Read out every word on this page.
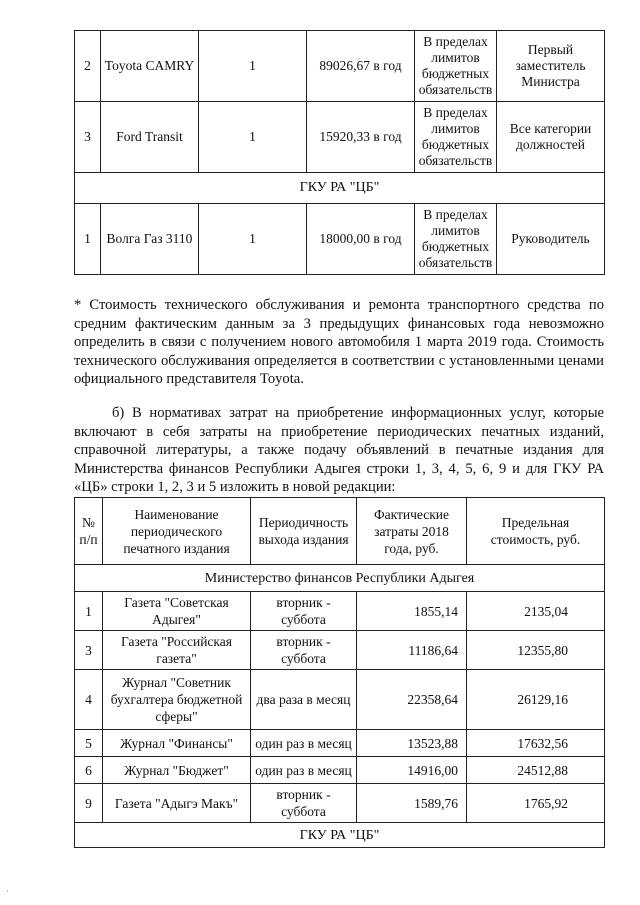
2	Toyota CAMRY	1	89026,67 в год	В пределах лимитов бюджетных обязательств	Первый заместитель Министра
3	Ford Transit	1	15920,33 в год	В пределах лимитов бюджетных обязательств	Все категории должностей
ГКУ РА "ЦБ"					
1	Волга Газ 3110	1	18000,00 в год	В пределах лимитов бюджетных обязательств	Руководитель

* Стоимость технического обслуживания и ремонта транспортного средства по средним фактическим данным за 3 предыдущих финансовых года невозможно определить в связи с получением нового автомобиля 1 марта 2019 года. Стоимость технического обслуживания определяется в соответствии с установленными ценами официального представителя Toyota.

б) В нормативах затрат на приобретение информационных услуг, которые включают в себя затраты на приобретение периодических печатных изданий, справочной литературы, а также подачу объявлений в печатные издания для Министерства финансов Республики Адыгея строки 1, 3, 4, 5, 6, 9 и для ГКУ РА «ЦБ» строки 1, 2, 3 и 5 изложить в новой редакции:

№ п/п	Наименование периодического печатного издания	Периодичность выхода издания	Фактические затраты 2018 года, руб.	Предельная стоимость, руб.
Министерство финансов Республики Адыгея				
1	Газета "Советская Адыгея"	вторник - суббота	1855,14	2135,04
3	Газета "Российская газета"	вторник - суббота	11186,64	12355,80
4	Журнал "Советник бухгалтера бюджетной сферы"	два раза в месяц	22358,64	26129,16
5	Журнал "Финансы"	один раз в месяц	13523,88	17632,56
6	Журнал "Бюджет"	один раз в месяц	14916,00	24512,88
9	Газета "Адыгэ Макъ"	вторник - суббота	1589,76	1765,92
ГКУ РА "ЦБ"				
·
